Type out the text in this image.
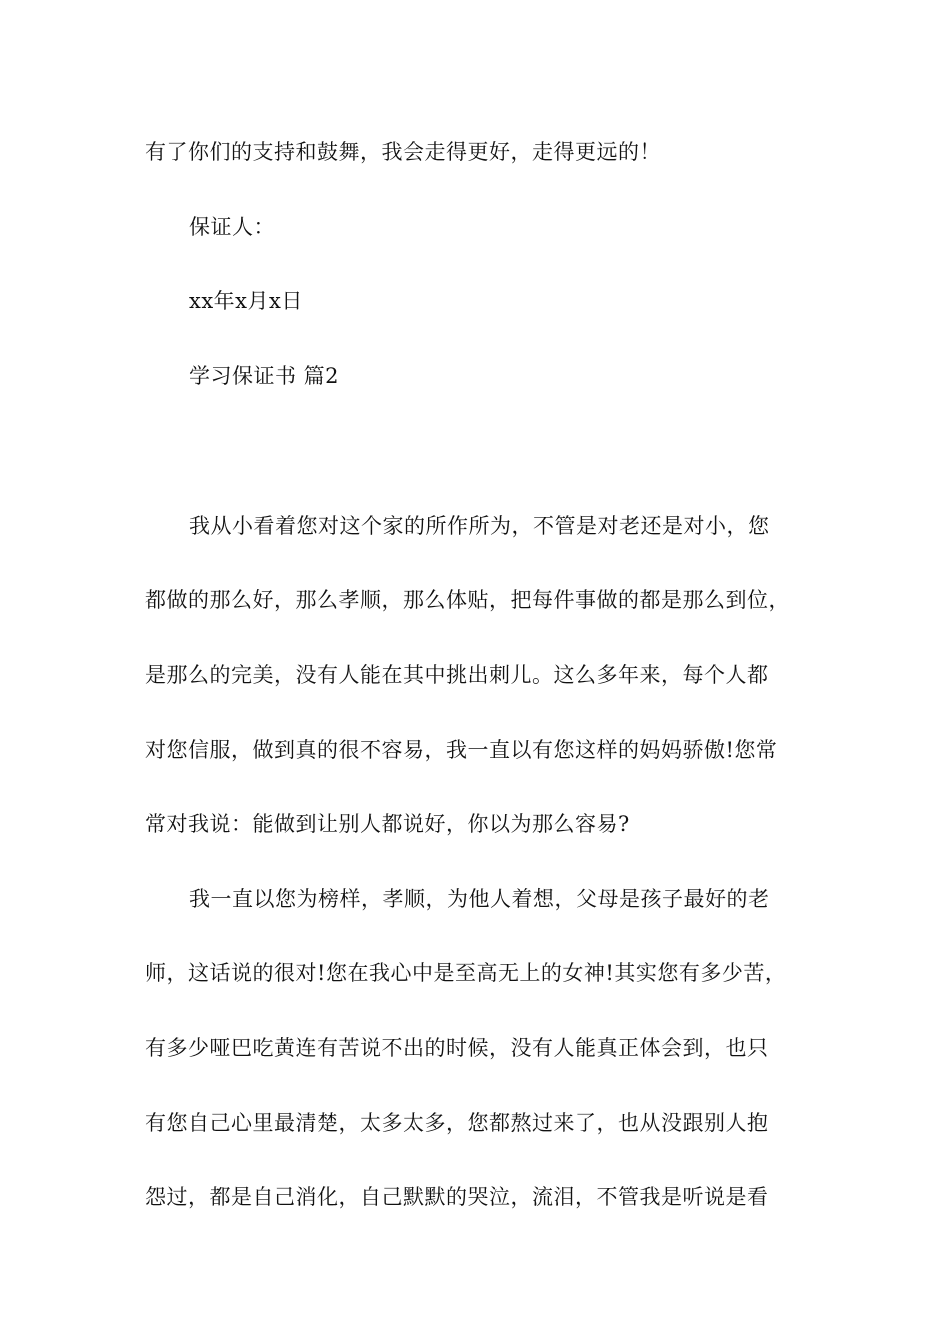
有了你们的支持和鼓舞，我会走得更好，走得更远的！
保证人：
xx年x月x日
学习保证书 篇2
我从小看着您对这个家的所作所为，不管是对老还是对小，您
都做的那么好，那么孝顺，那么体贴，把每件事做的都是那么到位，
是那么的完美，没有人能在其中挑出刺儿。这么多年来，每个人都
对您信服，做到真的很不容易，我一直以有您这样的妈妈骄傲!您常
常对我说：能做到让别人都说好，你以为那么容易?
我一直以您为榜样，孝顺，为他人着想，父母是孩子最好的老
师，这话说的很对!您在我心中是至高无上的女神!其实您有多少苦，
有多少哑巴吃黄连有苦说不出的时候，没有人能真正体会到，也只
有您自己心里最清楚，太多太多，您都熬过来了，也从没跟别人抱
怨过，都是自己消化，自己默默的哭泣，流泪，不管我是听说是看
